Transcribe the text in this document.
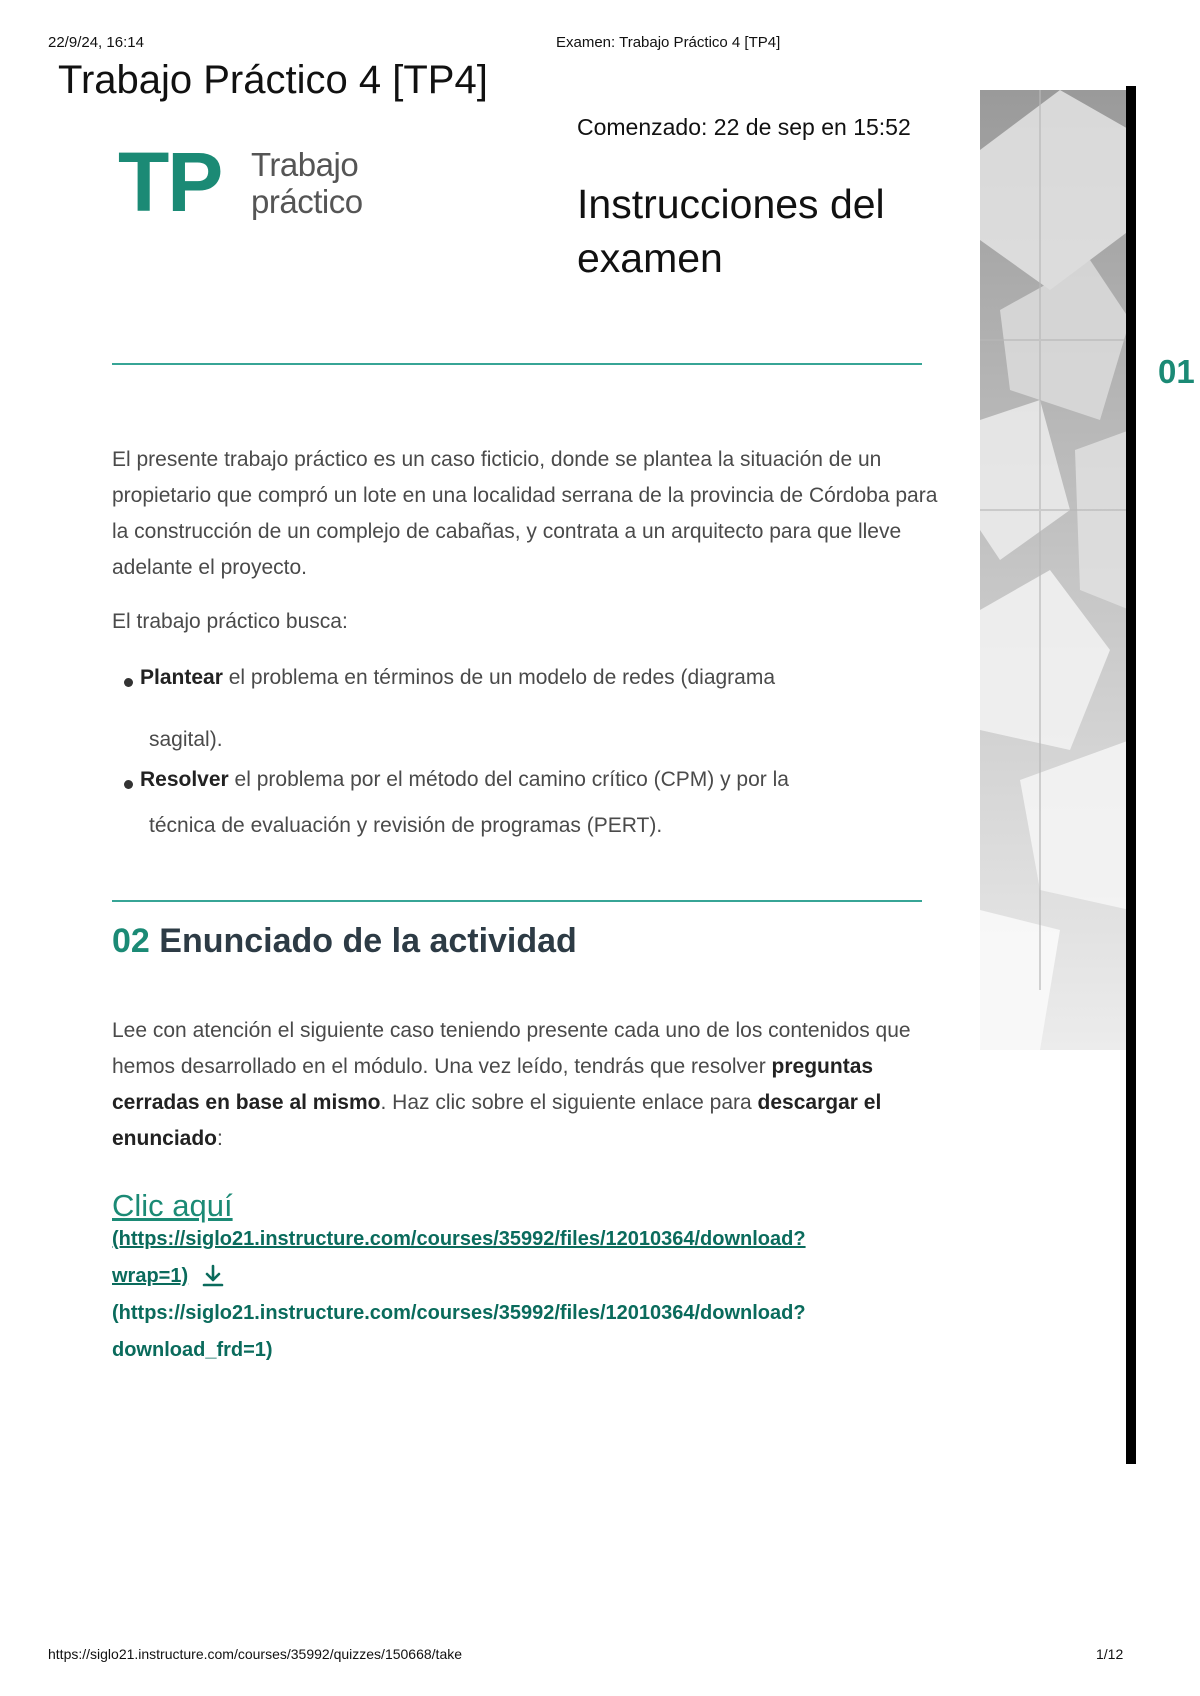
22/9/24, 16:14	Examen: Trabajo Práctico 4 [TP4]
Trabajo Práctico 4 [TP4]
TP Trabajo
práctico
Comenzado: 22 de sep en 15:52
Instrucciones del examen
01
El presente trabajo práctico es un caso ficticio, donde se plantea la situación de un propietario que compró un lote en una localidad serrana de la provincia de Córdoba para la construcción de un complejo de cabañas, y contrata a un arquitecto para que lleve adelante el proyecto.
El trabajo práctico busca:
Plantear el problema en términos de un modelo de redes (diagrama
sagital).
Resolver el problema por el método del camino crítico (CPM) y por la
técnica de evaluación y revisión de programas (PERT).
02 Enunciado de la actividad
Lee con atención el siguiente caso teniendo presente cada uno de los contenidos que hemos desarrollado en el módulo. Una vez leído, tendrás que resolver preguntas cerradas en base al mismo. Haz clic sobre el siguiente enlace para descargar el enunciado:
Clic aquí
(https://siglo21.instructure.com/courses/35992/files/12010364/download?
wrap=1)
(https://siglo21.instructure.com/courses/35992/files/12010364/download?
download_frd=1)
https://siglo21.instructure.com/courses/35992/quizzes/150668/take	1/12
